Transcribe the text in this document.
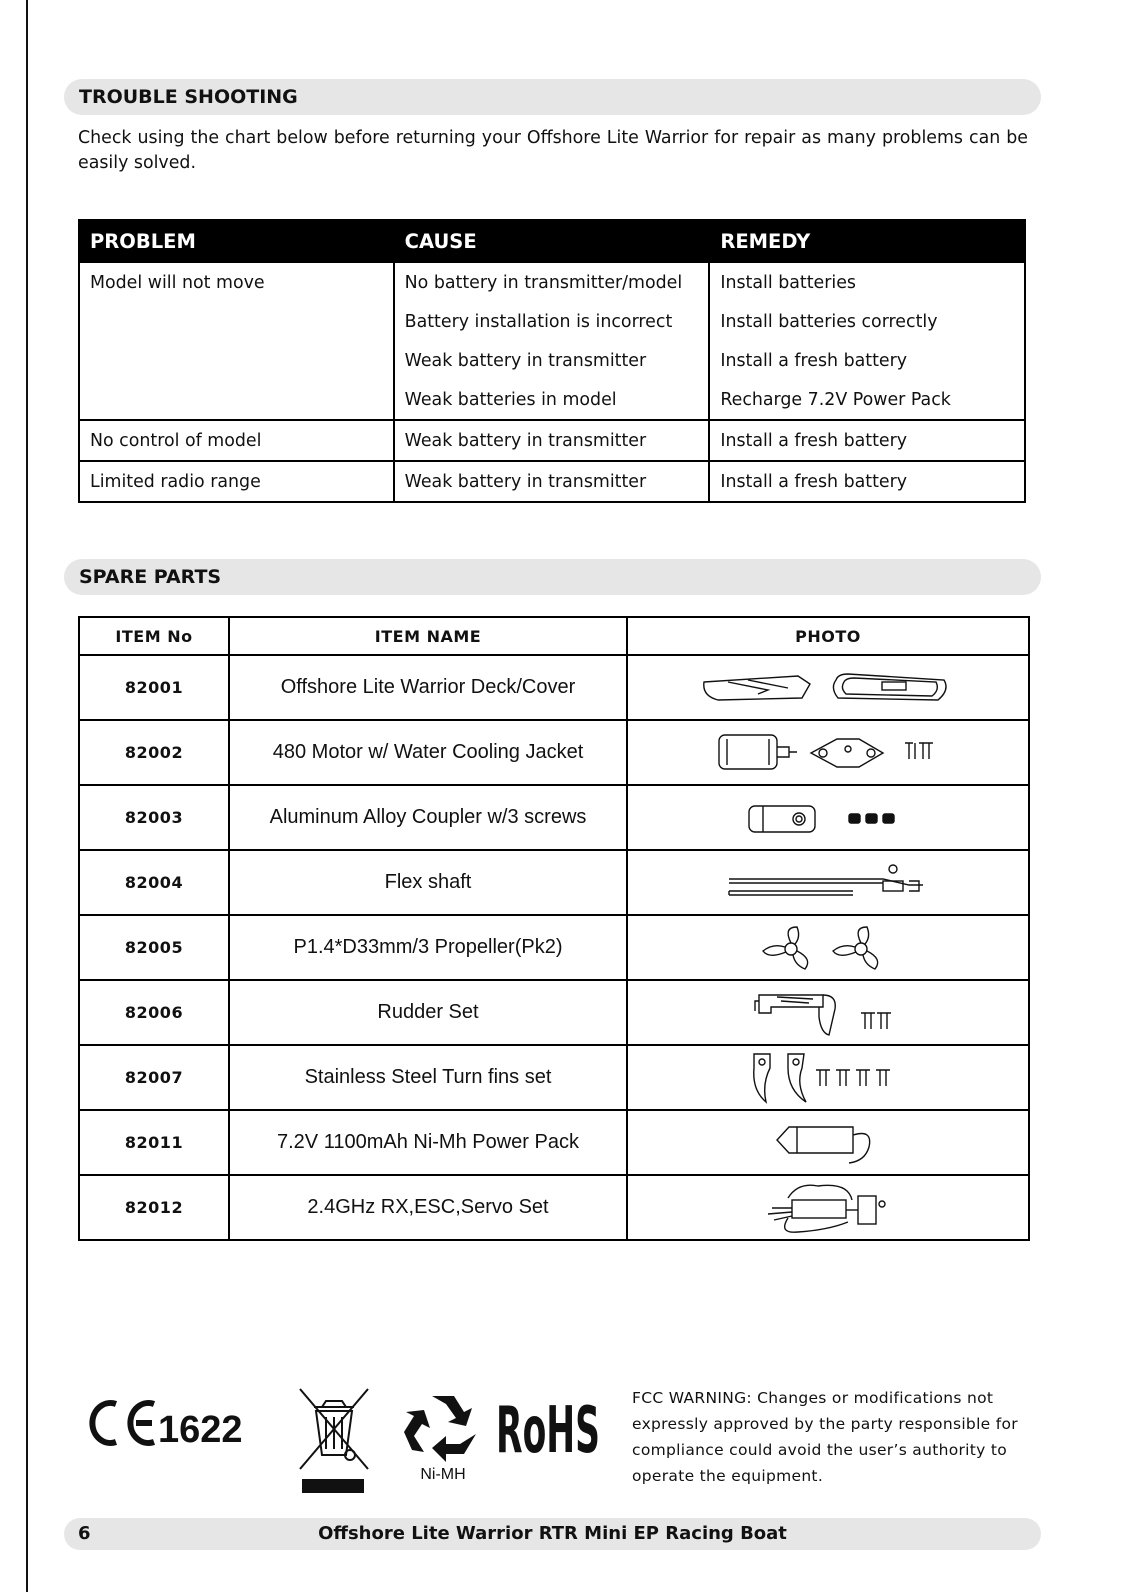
TROUBLE SHOOTING

Check using the chart below before returning your Offshore Lite Warrior for repair as many problems can be easily solved.

PROBLEM	CAUSE	REMEDY
Model will not move	No battery in transmitter/model	Install batteries
	Battery installation is incorrect	Install batteries correctly
	Weak battery in transmitter	Install a fresh battery
	Weak batteries in model	Recharge 7.2V Power Pack
No control of model	Weak battery in transmitter	Install a fresh battery
Limited radio range	Weak battery in transmitter	Install a fresh battery
SPARE PARTS
ITEM No	ITEM NAME	PHOTO
82001	Offshore Lite Warrior Deck/Cover	

82002	480 Motor w/ Water Cooling Jacket	

82003	Aluminum Alloy Coupler w/3 screws	

82004	Flex shaft	

82005	P1.4*D33mm/3 Propeller(Pk2)	

82006	Rudder Set	

82007	Stainless Steel Turn fins set	

82011	7.2V 1100mAh Ni-Mh Power Pack	

82012	2.4GHz RX,ESC,Servo Set	
1622
Ni-MH
RoHS FCC WARNING: Changes or modifications not expressly approved by the party responsible for compliance could avoid the user’s authority to operate the equipment.

Offshore Lite Warrior RTR Mini EP Racing Boat
6
